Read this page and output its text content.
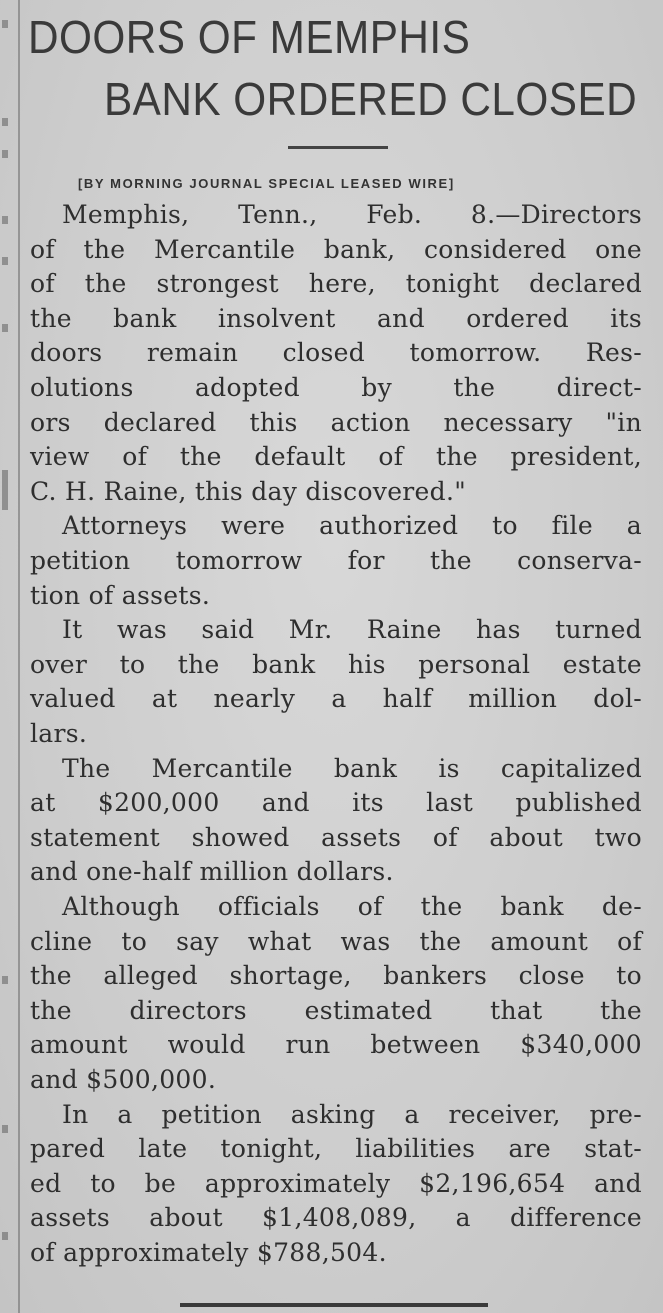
DOORS OF MEMPHIS
BANK ORDERED CLOSED
[BY MORNING JOURNAL SPECIAL LEASED WIRE]
Memphis, Tenn., Feb. 8.—Directors
of the Mercantile bank, considered one
of the strongest here, tonight declared
the bank insolvent and ordered its
doors remain closed tomorrow. Res-
olutions adopted by the direct-
ors declared this action necessary "in
view of the default of the president,
C. H. Raine, this day discovered."
Attorneys were authorized to file a
petition tomorrow for the conserva-
tion of assets.
It was said Mr. Raine has turned
over to the bank his personal estate
valued at nearly a half million dol-
lars.
The Mercantile bank is capitalized
at $200,000 and its last published
statement showed assets of about two
and one-half million dollars.
Although officials of the bank de-
cline to say what was the amount of
the alleged shortage, bankers close to
the directors estimated that the
amount would run between $340,000
and $500,000.
In a petition asking a receiver, pre-
pared late tonight, liabilities are stat-
ed to be approximately $2,196,654 and
assets about $1,408,089, a difference
of approximately $788,504.
